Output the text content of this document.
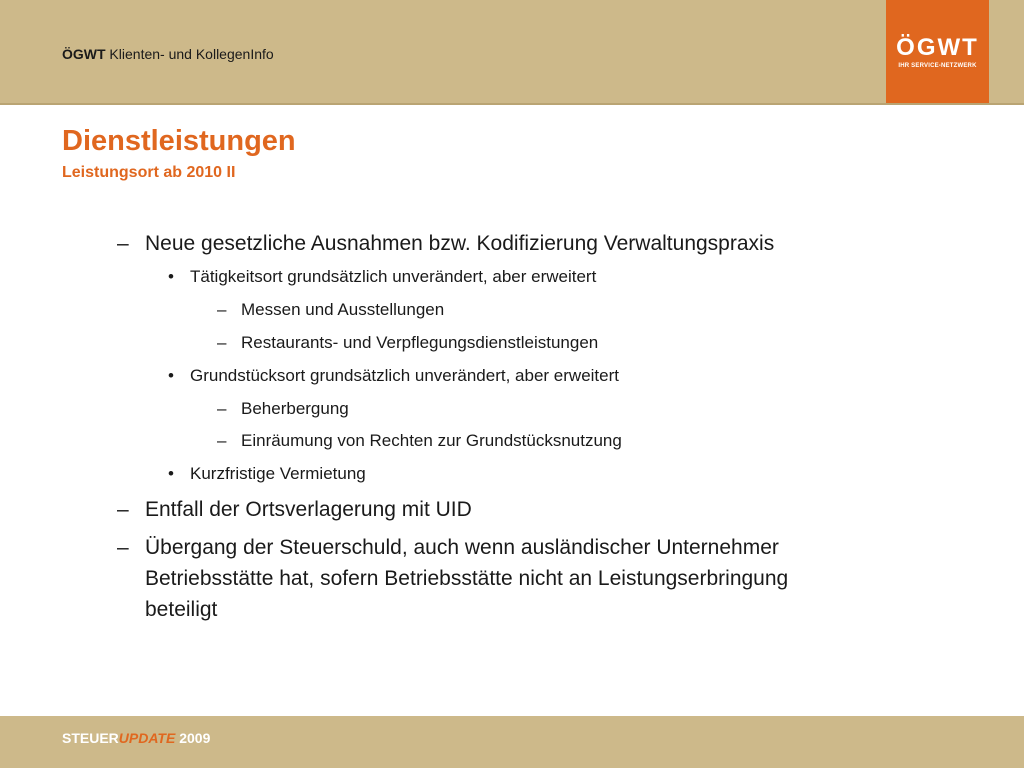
ÖGWT Klienten- und KollegenInfo	ÖGWT
IHR SERVICE-NETZWERK
Dienstleistungen
Leistungsort ab 2010 II
– Neue gesetzliche Ausnahmen bzw. Kodifizierung Verwaltungspraxis
• Tätigkeitsort grundsätzlich unverändert, aber erweitert
– Messen und Ausstellungen
– Restaurants- und Verpflegungsdienstleistungen
• Grundstücksort grundsätzlich unverändert, aber erweitert
– Beherbergung
– Einräumung von Rechten zur Grundstücksnutzung
• Kurzfristige Vermietung
– Entfall der Ortsverlagerung mit UID
– Übergang der Steuerschuld, auch wenn ausländischer Unternehmer
Betriebsstätte hat, sofern Betriebsstätte nicht an Leistungserbringung
beteiligt
STEUERUPDATE 2009
